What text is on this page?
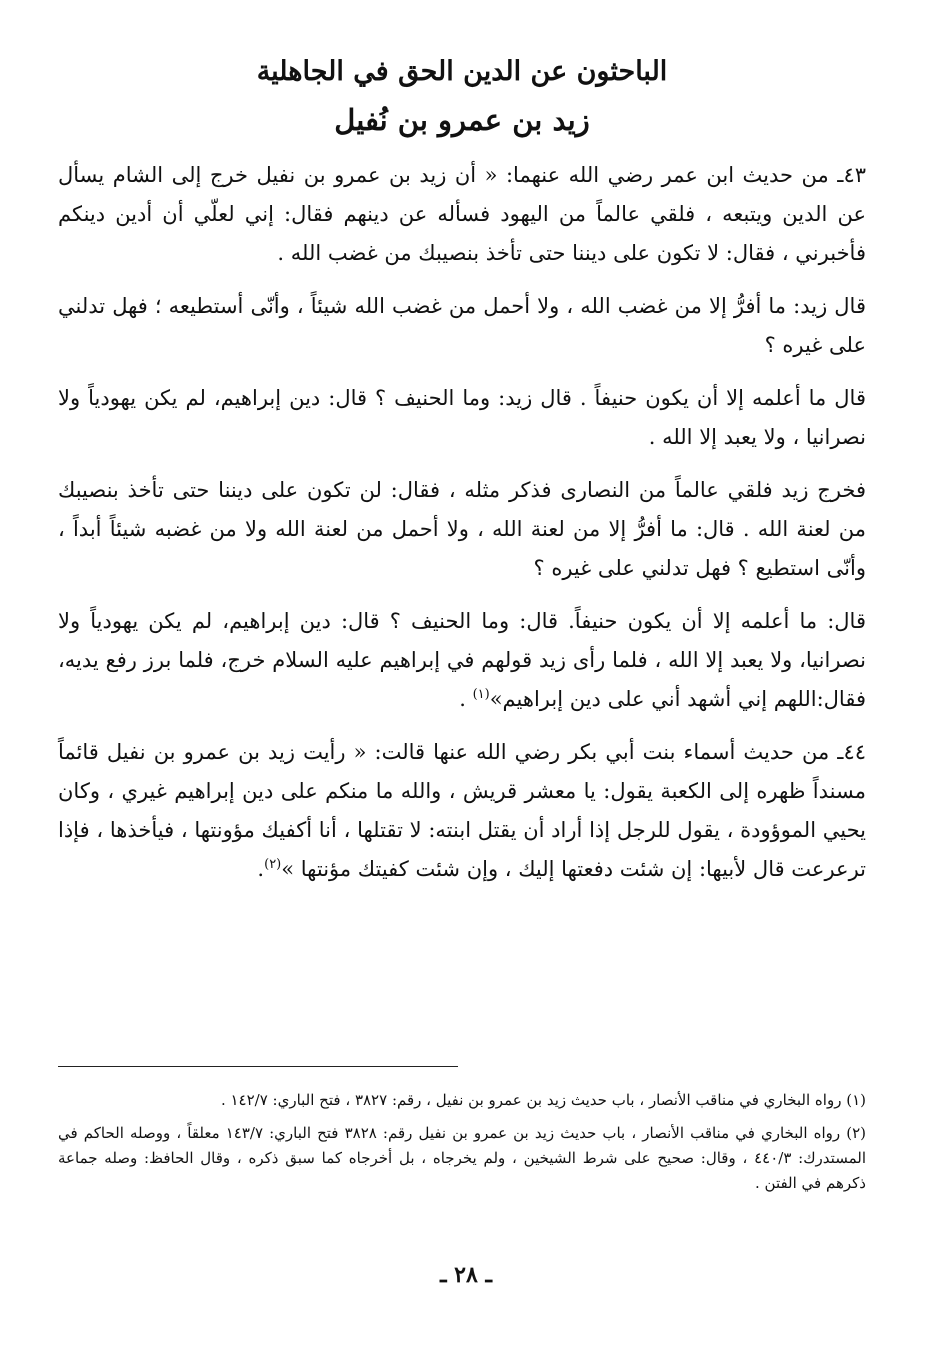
الباحثون عن الدين الحق في الجاهلية
زيد بن عمرو بن نُفيل

٤٣ـ من حديث ابن عمر رضي الله عنهما: « أن زيد بن عمرو بن نفيل خرج إلى الشام يسأل عن الدين ويتبعه ، فلقي عالماً من اليهود فسأله عن دينهم فقال: إني لعلّي أن أدين دينكم فأخبرني ، فقال: لا تكون على ديننا حتى تأخذ بنصيبك من غضب الله .

قال زيد: ما أفرُّ إلا من غضب الله ، ولا أحمل من غضب الله شيئاً ، وأنّى أستطيعه ؛ فهل تدلني على غيره ؟

قال ما أعلمه إلا أن يكون حنيفاً . قال زيد: وما الحنيف ؟ قال: دين إبراهيم، لم يكن يهودياً ولا نصرانيا ، ولا يعبد إلا الله .

فخرج زيد فلقي عالماً من النصارى فذكر مثله ، فقال: لن تكون على ديننا حتى تأخذ بنصيبك من لعنة الله . قال: ما أفرُّ إلا من لعنة الله ، ولا أحمل من لعنة الله ولا من غضبه شيئاً أبداً ، وأنّى استطيع ؟ فهل تدلني على غيره ؟

قال: ما أعلمه إلا أن يكون حنيفاً. قال: وما الحنيف ؟ قال: دين إبراهيم، لم يكن يهودياً ولا نصرانيا، ولا يعبد إلا الله ، فلما رأى زيد قولهم في إبراهيم عليه السلام خرج، فلما برز رفع يديه، فقال:اللهم إني أشهد أني على دين إبراهيم»$^{(١)}$ .

٤٤ـ من حديث أسماء بنت أبي بكر رضي الله عنها قالت: « رأيت زيد بن عمرو بن نفيل قائماً مسنداً ظهره إلى الكعبة يقول: يا معشر قريش ، والله ما منكم على دين إبراهيم غيري ، وكان يحيي الموؤودة ، يقول للرجل إذا أراد أن يقتل ابنته: لا تقتلها ، أنا أكفيك مؤونتها ، فيأخذها ، فإذا ترعرعت قال لأبيها: إن شئت دفعتها إليك ، وإن شئت كفيتك مؤنتها »$^{(٢)}$.

(١) رواه البخاري في مناقب الأنصار ، باب حديث زيد بن عمرو بن نفيل ، رقم: ٣٨٢٧ ، فتح الباري: ١٤٢/٧ .

(٢) رواه البخاري في مناقب الأنصار ، باب حديث زيد بن عمرو بن نفيل رقم: ٣٨٢٨ فتح الباري: ١٤٣/٧ معلقاً ، ووصله الحاكم في المستدرك: ٤٤٠/٣ ، وقال: صحيح على شرط الشيخين ، ولم يخرجاه ، بل أخرجاه كما سبق ذكره ، وقال الحافظ: وصله جماعة ذكرهم في الفتن .

ـ ٢٨ ـ
